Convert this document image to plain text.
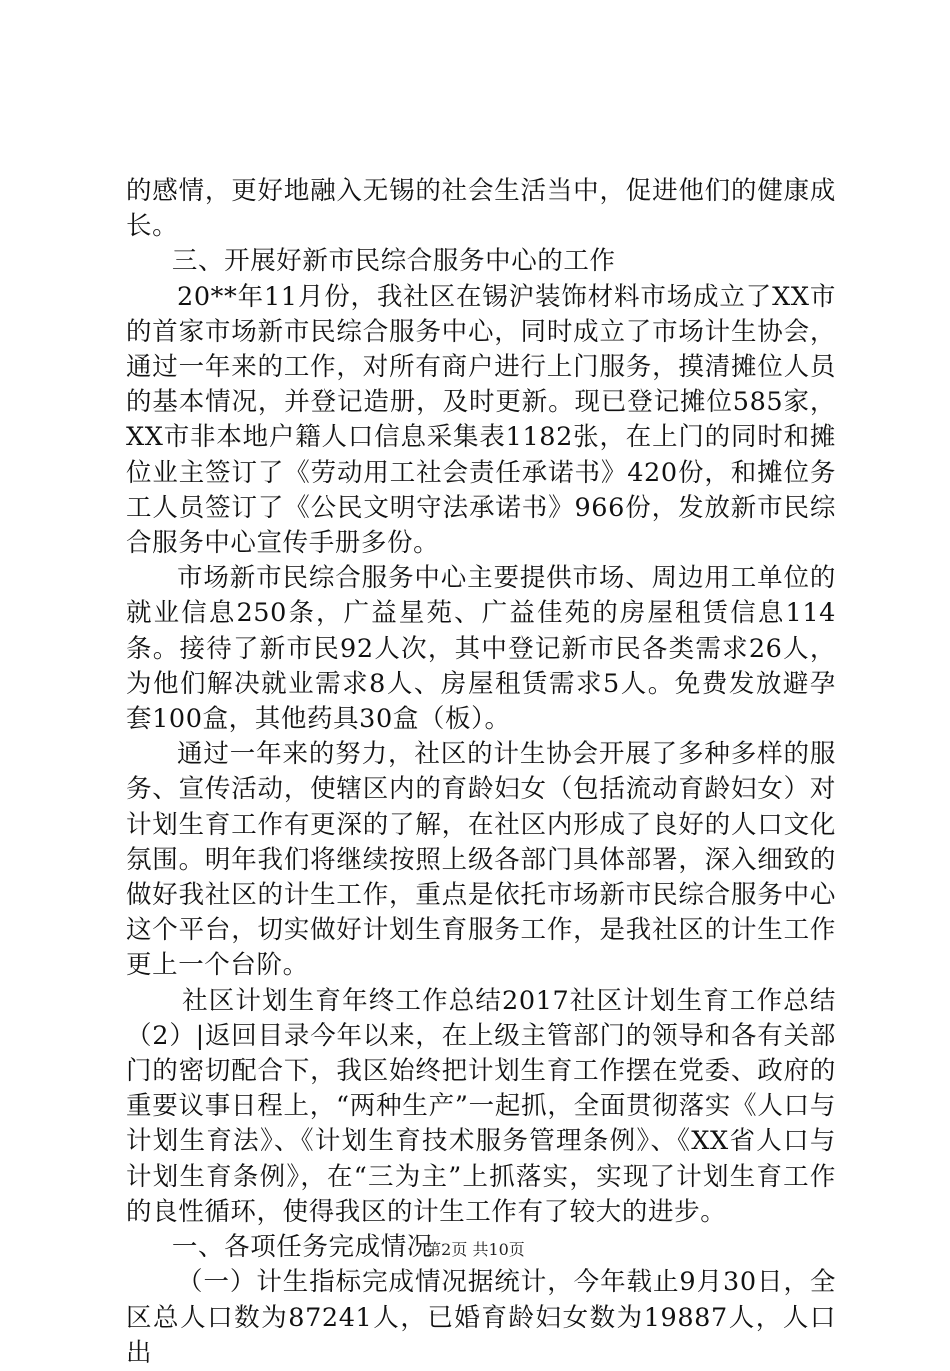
的感情，更好地融入无锡的社会生活当中，促进他们的健康成长。

三、开展好新市民综合服务中心的工作

20**年11月份，我社区在锡沪装饰材料市场成立了XX市的首家市场新市民综合服务中心，同时成立了市场计生协会，通过一年来的工作，对所有商户进行上门服务，摸清摊位人员的基本情况，并登记造册，及时更新。现已登记摊位585家，XX市非本地户籍人口信息采集表1182张，在上门的同时和摊位业主签订了《劳动用工社会责任承诺书》420份，和摊位务工人员签订了《公民文明守法承诺书》966份，发放新市民综合服务中心宣传手册多份。

市场新市民综合服务中心主要提供市场、周边用工单位的就业信息250条，广益星苑、广益佳苑的房屋租赁信息114条。接待了新市民92人次，其中登记新市民各类需求26人，为他们解决就业需求8人、房屋租赁需求5人。免费发放避孕套100盒，其他药具30盒（板）。

通过一年来的努力，社区的计生协会开展了多种多样的服务、宣传活动，使辖区内的育龄妇女（包括流动育龄妇女）对计划生育工作有更深的了解，在社区内形成了良好的人口文化氛围。明年我们将继续按照上级各部门具体部署，深入细致的做好我社区的计生工作，重点是依托市场新市民综合服务中心这个平台，切实做好计划生育服务工作，是我社区的计生工作更上一个台阶。

社区计划生育年终工作总结2017社区计划生育工作总结（2）|返回目录今年以来，在上级主管部门的领导和各有关部门的密切配合下，我区始终把计划生育工作摆在党委、政府的重要议事日程上，“两种生产”一起抓，全面贯彻落实《人口与计划生育法》、《计划生育技术服务管理条例》、《XX省人口与计划生育条例》，在“三为主”上抓落实，实现了计划生育工作的良性循环，使得我区的计生工作有了较大的进步。

一、各项任务完成情况

（一）计生指标完成情况据统计，今年载止9月30日，全区总人口数为87241人，已婚育龄妇女数为19887人，人口出

第2页 共10页
